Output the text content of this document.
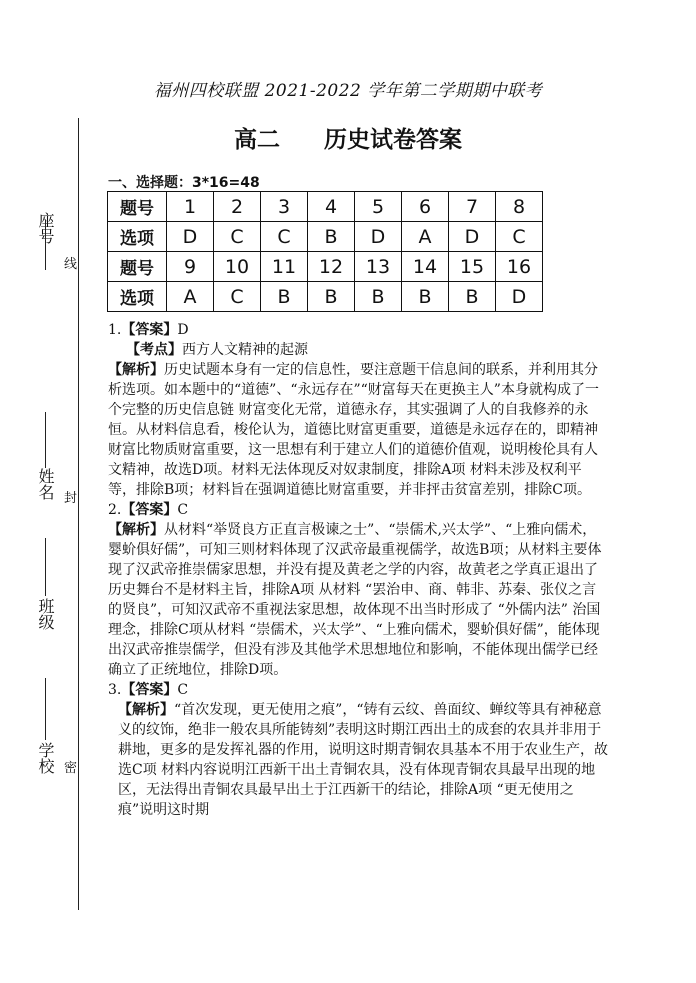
福州四校联盟 2021-2022 学年第二学期期中联考
高二 历史试卷答案
座号
姓名
班级
学校
线
封
密
一、选择题：3*16=48
题号	1	2	3	4	5	6	7	8
选项	D	C	C	B	D	A	D	C
题号	9	10	11	12	13	14	15	16
选项	A	C	B	B	B	B	B	D

1.【答案】D

【考点】西方人文精神的起源

【解析】历史试题本身有一定的信息性，要注意题干信息间的联系，并利用其分析选项。如本题中的“道德”、“永远存在”“财富每天在更换主人”本身就构成了一个完整的历史信息链 财富变化无常，道德永存，其实强调了人的自我修养的永恒。从材料信息看，梭伦认为，道德比财富更重要，道德是永远存在的，即精神财富比物质财富重要，这一思想有利于建立人们的道德价值观，说明梭伦具有人文精神，故选D项。材料无法体现反对奴隶制度，排除A项 材料未涉及权利平等，排除B项；材料旨在强调道德比财富重要，并非抨击贫富差别，排除C项。

2.【答案】C

【解析】从材料“举贤良方正直言极谏之士”、“崇儒术,兴太学”、“上雅向儒术，婴蚧俱好儒”，可知三则材料体现了汉武帝最重视儒学，故选B项；从材料主要体现了汉武帝推崇儒家思想，并没有提及黄老之学的内容，故黄老之学真正退出了历史舞台不是材料主旨，排除A项 从材料 “罢治申、商、韩非、苏秦、张仪之言的贤良”，可知汉武帝不重视法家思想，故体现不出当时形成了 “外儒内法” 治国理念，排除C项从材料 “崇儒术，兴太学”、“上雅向儒术，婴蚧俱好儒”，能体现出汉武帝推崇儒学，但没有涉及其他学术思想地位和影响，不能体现出儒学已经确立了正统地位，排除D项。

3.【答案】C

【解析】“首次发现，更无使用之痕”，“铸有云纹、兽面纹、蝉纹等具有神秘意义的纹饰，绝非一般农具所能铸刻”表明这时期江西出土的成套的农具并非用于耕地，更多的是发挥礼器的作用，说明这时期青铜农具基本不用于农业生产，故选C项 材料内容说明江西新干出土青铜农具，没有体现青铜农具最早出现的地区，无法得出青铜农具最早出土于江西新干的结论，排除A项 “更无使用之痕”说明这时期
